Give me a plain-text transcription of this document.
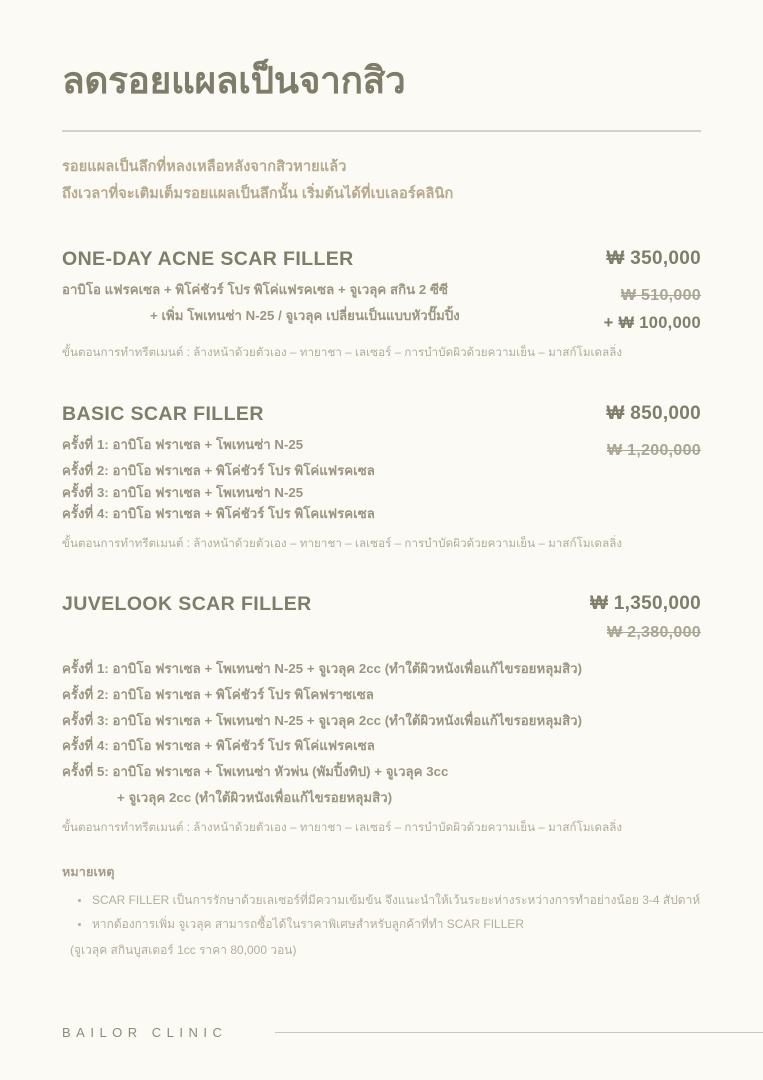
ลดรอยแผลเป็นจากสิว
รอยแผลเป็นลึกที่หลงเหลือหลังจากสิวหายแล้ว
ถึงเวลาที่จะเติมเต็มรอยแผลเป็นลึกนั้น เริ่มต้นได้ที่เบเลอร์คลินิก
ONE-DAY ACNE SCAR FILLER	₩ 350,000
อาบิโอ แฟรคเซล + พิโค่ชัวร์ โปร พิโค่แฟรคเซล + จูเวลุค สกิน 2 ซีซี	₩ 510,000
+ เพิ่ม โพเทนซ่า N-25 / จูเวลุค เปลี่ยนเป็นแบบหัวปั๊มปิ้ง	+ ₩ 100,000
ขั้นตอนการทำทรีตเมนต์ : ล้างหน้าด้วยตัวเอง – ทายาชา – เลเซอร์ – การบำบัดผิวด้วยความเย็น – มาสก์โมเดลลิ่ง
BASIC SCAR FILLER	₩ 850,000
ครั้งที่ 1: อาบิโอ ฟราเซล + โพเทนซ่า N-25	₩ 1,200,000
ครั้งที่ 2: อาบิโอ ฟราเซล + พิโค่ชัวร์ โปร พิโค่แฟรคเซล
ครั้งที่ 3: อาบิโอ ฟราเซล + โพเทนซ่า N-25
ครั้งที่ 4: อาบิโอ ฟราเซล + พิโค่ชัวร์ โปร พิโคแฟรคเซล
ขั้นตอนการทำทรีตเมนต์ : ล้างหน้าด้วยตัวเอง – ทายาชา – เลเซอร์ – การบำบัดผิวด้วยความเย็น – มาสก์โมเดลลิ่ง
JUVELOOK SCAR FILLER	₩ 1,350,000
₩ 2,380,000
ครั้งที่ 1: อาบิโอ ฟราเซล + โพเทนซ่า N-25 + จูเวลุค 2cc (ทำใต้ผิวหนังเพื่อแก้ไขรอยหลุมสิว)
ครั้งที่ 2: อาบิโอ ฟราเซล + พิโค่ชัวร์ โปร พิโคฟราซเซล
ครั้งที่ 3: อาบิโอ ฟราเซล + โพเทนซ่า N-25 + จูเวลุค 2cc (ทำใต้ผิวหนังเพื่อแก้ไขรอยหลุมสิว)
ครั้งที่ 4: อาบิโอ ฟราเซล + พิโค่ชัวร์ โปร พิโค่แฟรคเซล
ครั้งที่ 5: อาบิโอ ฟราเซล + โพเทนซ่า หัวพ่น (พัมปิ้งทิป) + จูเวลุค 3cc
+ จูเวลุค 2cc (ทำใต้ผิวหนังเพื่อแก้ไขรอยหลุมสิว)
ขั้นตอนการทำทรีตเมนต์ : ล้างหน้าด้วยตัวเอง – ทายาชา – เลเซอร์ – การบำบัดผิวด้วยความเย็น – มาสก์โมเดลลิ่ง
หมายเหตุ
SCAR FILLER เป็นการรักษาด้วยเลเซอร์ที่มีความเข้มข้น จึงแนะนำให้เว้นระยะห่างระหว่างการทำอย่างน้อย 3-4 สัปดาห์
หากต้องการเพิ่ม จูเวลุค สามารถซื้อได้ในราคาพิเศษสำหรับลูกค้าที่ทำ SCAR FILLER
(จูเวลุค สกินบูสเตอร์ 1cc ราคา 80,000 วอน)
BAILOR CLINIC
